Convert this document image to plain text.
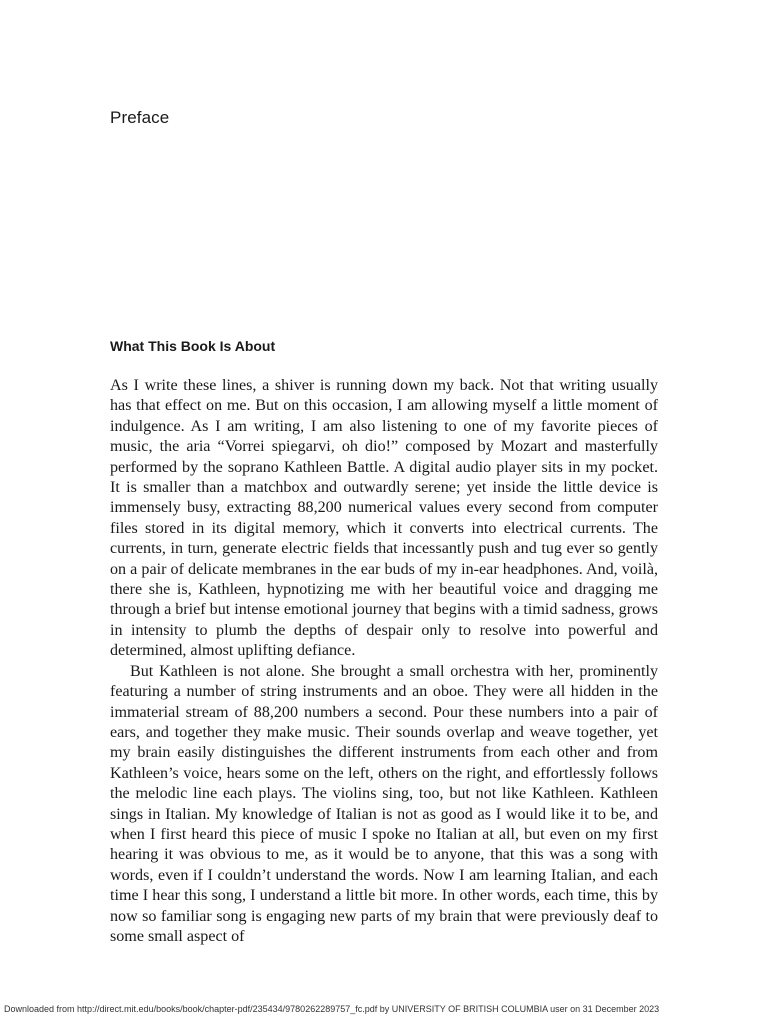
Preface
What This Book Is About

As I write these lines, a shiver is running down my back. Not that writing usually has that effect on me. But on this occasion, I am allowing myself a little moment of indulgence. As I am writing, I am also listening to one of my favorite pieces of music, the aria “Vorrei spiegarvi, oh dio!” composed by Mozart and masterfully performed by the soprano Kathleen Battle. A digital audio player sits in my pocket. It is smaller than a matchbox and outwardly serene; yet inside the little device is immensely busy, extracting 88,200 numerical values every second from computer files stored in its digital memory, which it converts into electrical currents. The currents, in turn, generate electric fields that incessantly push and tug ever so gently on a pair of delicate membranes in the ear buds of my in-ear headphones. And, voilà, there she is, Kathleen, hypnotizing me with her beautiful voice and dragging me through a brief but intense emotional journey that begins with a timid sadness, grows in intensity to plumb the depths of despair only to resolve into powerful and determined, almost uplifting defiance.

But Kathleen is not alone. She brought a small orchestra with her, prominently featuring a number of string instruments and an oboe. They were all hidden in the immaterial stream of 88,200 numbers a second. Pour these numbers into a pair of ears, and together they make music. Their sounds overlap and weave together, yet my brain easily distinguishes the different instruments from each other and from Kathleen’s voice, hears some on the left, others on the right, and effortlessly follows the melodic line each plays. The violins sing, too, but not like Kathleen. Kathleen sings in Italian. My knowledge of Italian is not as good as I would like it to be, and when I first heard this piece of music I spoke no Italian at all, but even on my first hearing it was obvious to me, as it would be to anyone, that this was a song with words, even if I couldn’t understand the words. Now I am learning Italian, and each time I hear this song, I understand a little bit more. In other words, each time, this by now so familiar song is engaging new parts of my brain that were previously deaf to some small aspect of

Downloaded from http://direct.mit.edu/books/book/chapter-pdf/235434/9780262289757_fc.pdf by UNIVERSITY OF BRITISH COLUMBIA user on 31 December 2023
